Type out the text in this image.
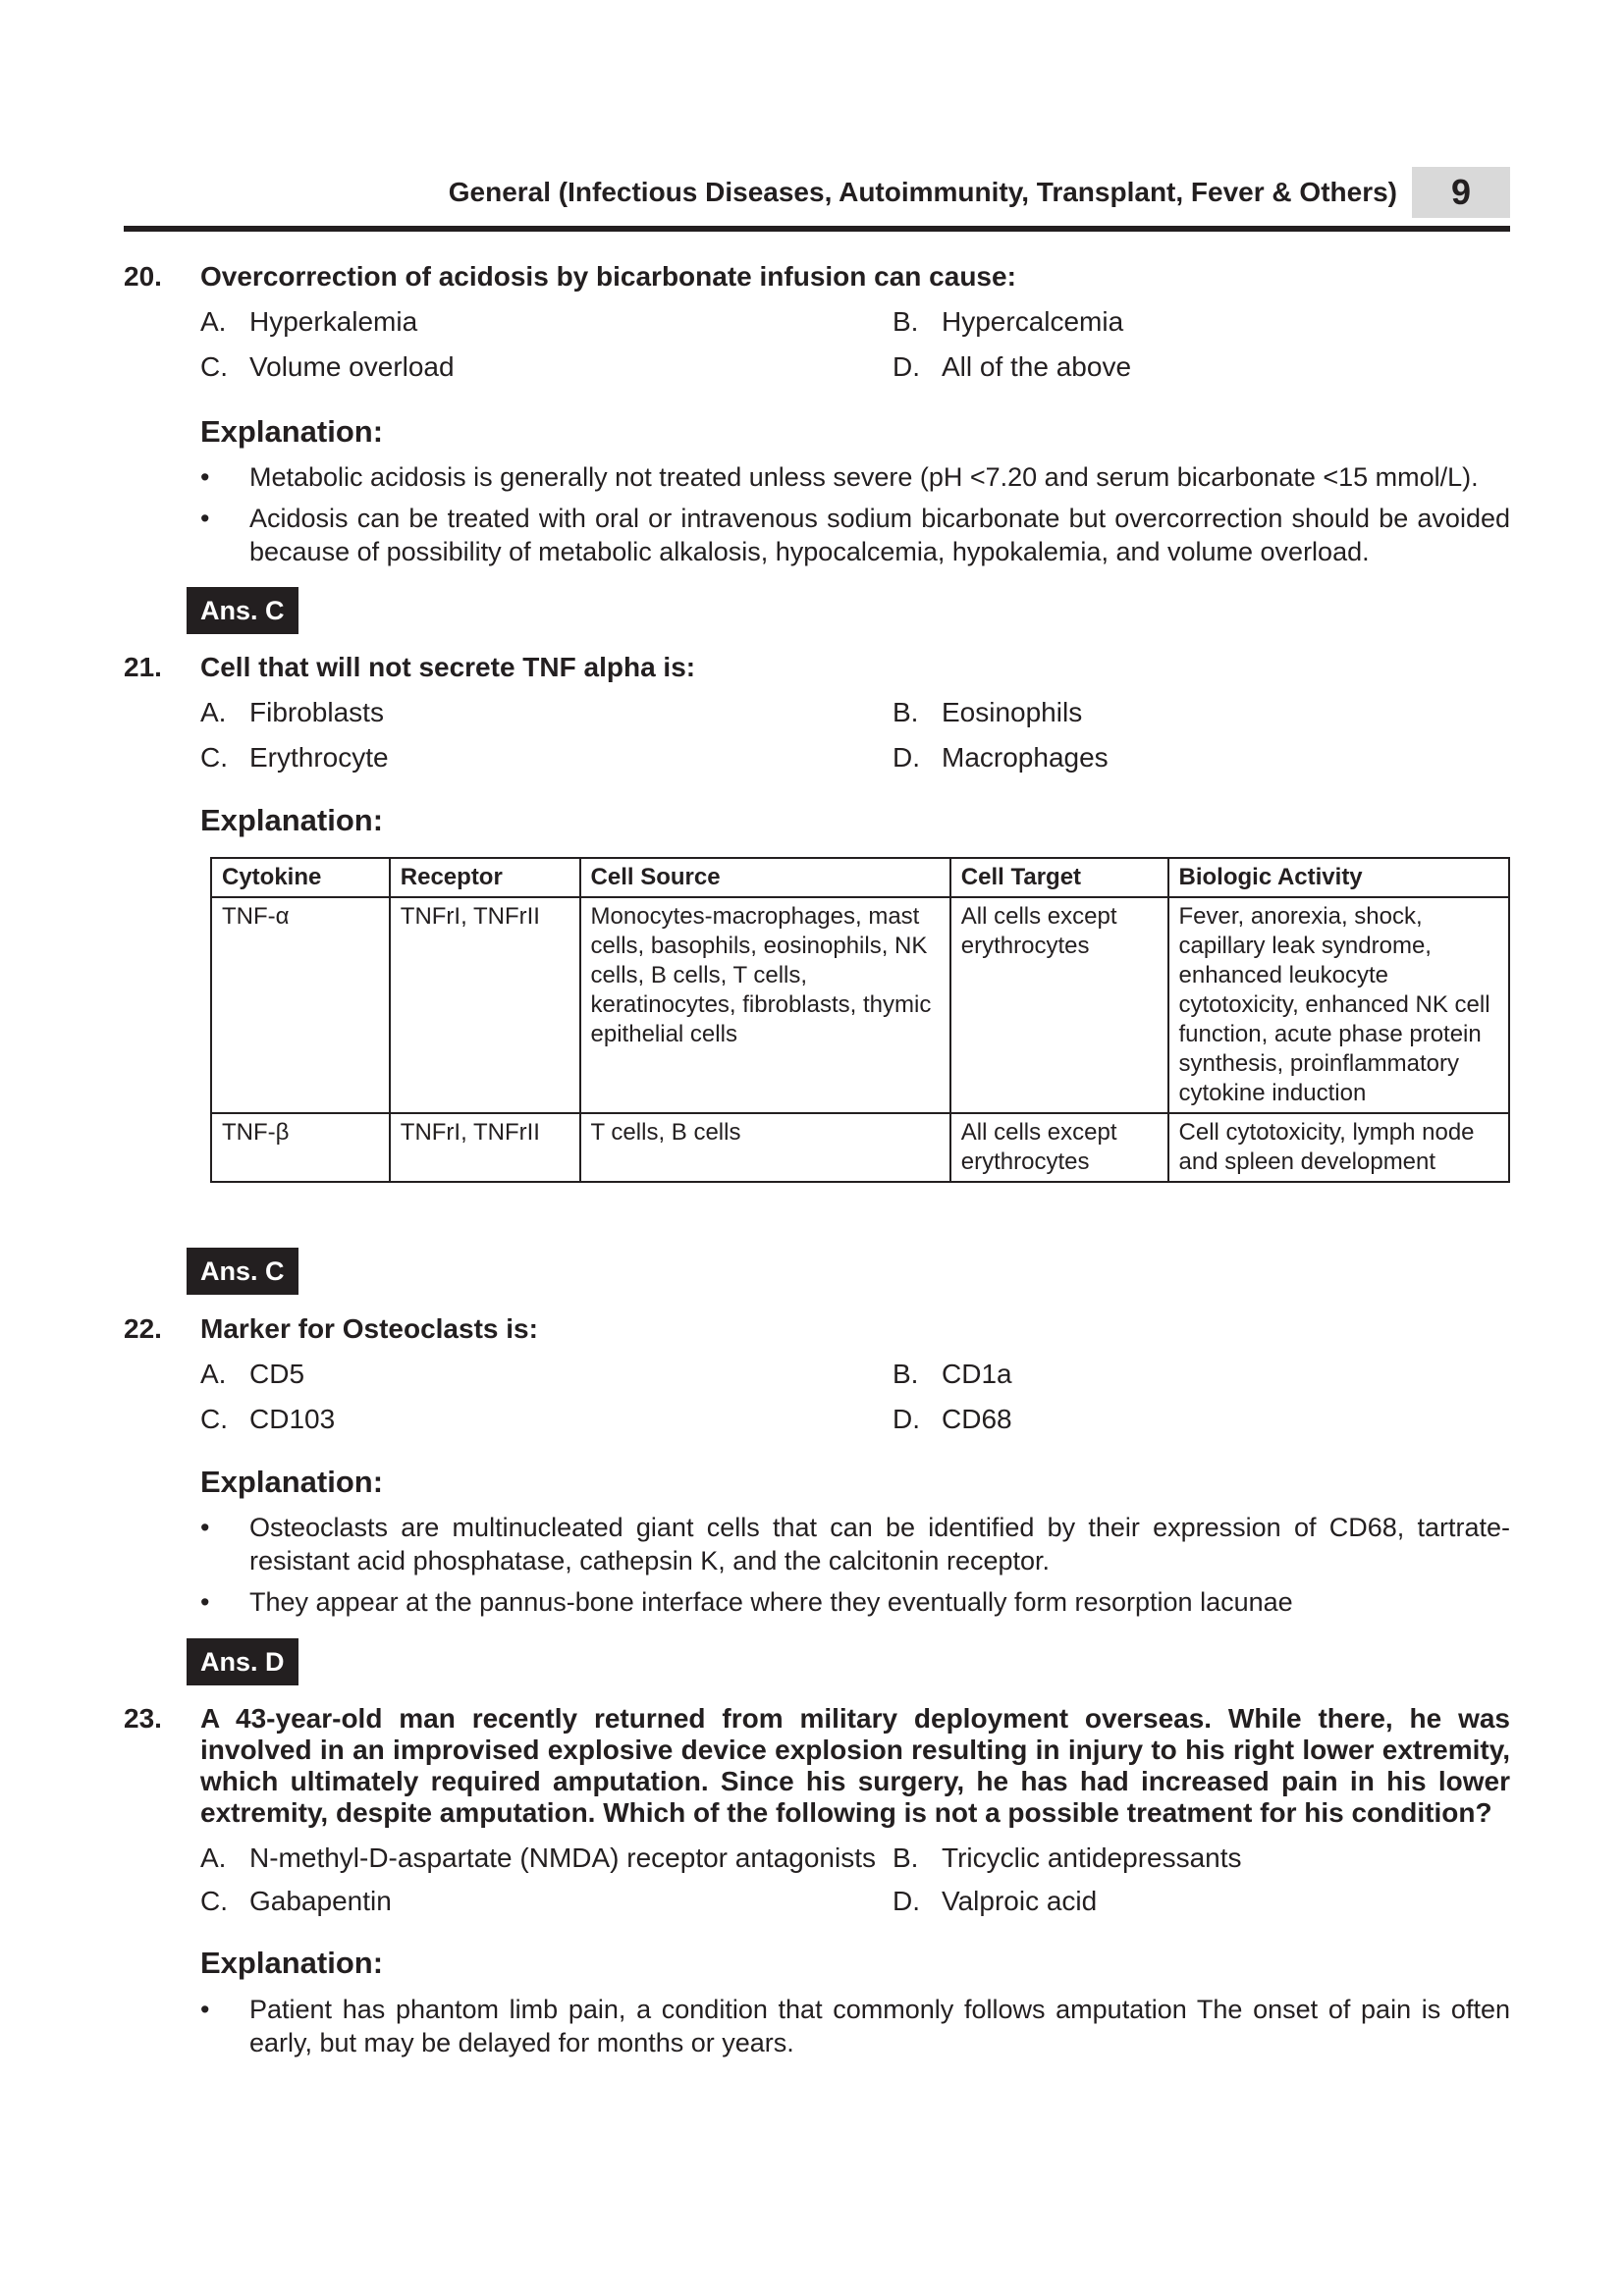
General (Infectious Diseases, Autoimmunity, Transplant, Fever & Others)	9
20. Overcorrection of acidosis by bicarbonate infusion can cause:
A. Hyperkalemia	B. Hypercalcemia
C. Volume overload	D. All of the above
Explanation:
• Metabolic acidosis is generally not treated unless severe (pH <7.20 and serum bicarbonate <15 mmol/L).
• Acidosis can be treated with oral or intravenous sodium bicarbonate but overcorrection should be avoided because of possibility of metabolic alkalosis, hypocalcemia, hypokalemia, and volume overload.
Ans. C
21. Cell that will not secrete TNF alpha is:
A. Fibroblasts	B. Eosinophils
C. Erythrocyte	D. Macrophages
Explanation:
Cytokine	Receptor	Cell Source	Cell Target	Biologic Activity
TNF-α	TNFrI, TNFrII	Monocytes-macrophages, mast cells, basophils, eosinophils, NK cells, B cells, T cells, keratinocytes, fibroblasts, thymic epithelial cells	All cells except erythrocytes	Fever, anorexia, shock, capillary leak syndrome, enhanced leukocyte cytotoxicity, enhanced NK cell function, acute phase protein synthesis, proinflammatory cytokine induction
TNF-β	TNFrI, TNFrII	T cells, B cells	All cells except erythrocytes	Cell cytotoxicity, lymph node and spleen development
Ans. C
22. Marker for Osteoclasts is:
A. CD5	B. CD1a
C. CD103	D. CD68
Explanation:
• Osteoclasts are multinucleated giant cells that can be identified by their expression of CD68, tartrate-resistant acid phosphatase, cathepsin K, and the calcitonin receptor.
• They appear at the pannus-bone interface where they eventually form resorption lacunae
Ans. D
23. A 43-year-old man recently returned from military deployment overseas. While there, he was involved in an improvised explosive device explosion resulting in injury to his right lower extremity, which ultimately required amputation. Since his surgery, he has had increased pain in his lower extremity, despite amputation. Which of the following is not a possible treatment for his condition?
A. N-methyl-D-aspartate (NMDA) receptor antagonists B. Tricyclic antidepressants
C. Gabapentin	D. Valproic acid
Explanation:
• Patient has phantom limb pain, a condition that commonly follows amputation The onset of pain is often early, but may be delayed for months or years.
